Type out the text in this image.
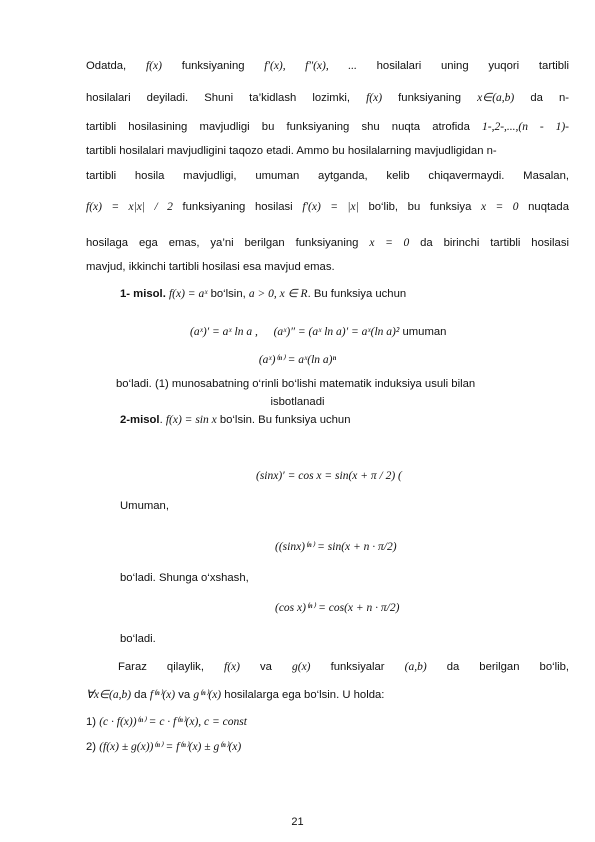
Odatda, f(x) funksiyaning f′(x), f″(x), ... hosilalari uning yuqori tartibli
hosilalari deyiladi. Shuni ta’kidlash lozimki, f(x) funksiyaning x∈(a,b) da n-
tartibli hosilasining mavjudligi bu funksiyaning shu nuqta atrofida 1-,2-,...,(n - 1)-
tartibli hosilalari mavjudligini taqozo etadi. Ammo bu hosilalarning mavjudligidan n-
tartibli hosila mavjudligi, umuman aytganda, kelib chiqavermaydi. Masalan,
f(x) = x|x| / 2 funksiyaning hosilasi f′(x) = |x| bo‘lib, bu funksiya x = 0 nuqtada
hosilaga ega emas, ya’ni berilgan funksiyaning x = 0 da birinchi tartibli hosilasi
mavjud, ikkinchi tartibli hosilasi esa mavjud emas.
1- misol. f(x) = aˣ bo‘lsin, a > 0, x ∈ R. Bu funksiya uchun
(aˣ)′ = aˣ ln a , (aˣ)″ = (aˣ ln a)′ = aˣ(ln a)² umuman
(aˣ)⁽ⁿ⁾ = aˣ(ln a)ⁿ
bo‘ladi. (1) munosabatning o‘rinli bo‘lishi matematik induksiya usuli bilan
isbotlanadi
2-misol. f(x) = sin x bo‘lsin. Bu funksiya uchun
(sinx)′ = cos x = sin(x + π / 2) (
Umuman,
((sinx)⁽ⁿ⁾ = sin(x + n · π/2)
bo‘ladi. Shunga o‘xshash,
(cos x)⁽ⁿ⁾ = cos(x + n · π/2)
bo‘ladi.
Faraz qilaylik, f(x) va g(x) funksiyalar (a,b) da berilgan bo‘lib,
∀x∈(a,b) da f⁽ⁿ⁾(x) va g⁽ⁿ⁾(x) hosilalarga ega bo‘lsin. U holda:
1) (c · f(x))⁽ⁿ⁾ = c · f⁽ⁿ⁾(x), c = const
2) (f(x) ± g(x))⁽ⁿ⁾ = f⁽ⁿ⁾(x) ± g⁽ⁿ⁾(x)
21
